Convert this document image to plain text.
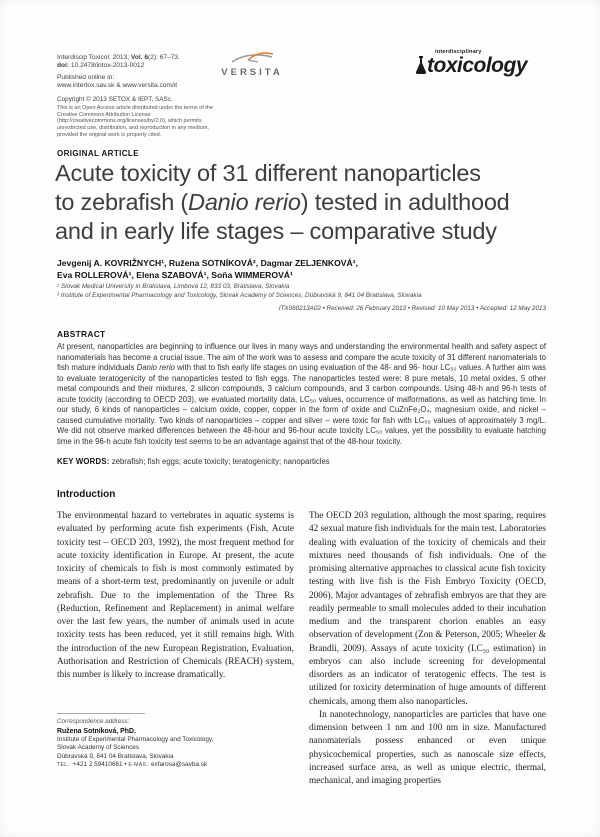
Interdiscip Toxicol. 2013; Vol. 6(2): 67–73.
doi: 10.2478/intox-2013-0012
Published online in:
www.intertox.sav.sk & www.versita.com/it
Copyright © 2013 SETOX & IEPT, SASc.
This is an Open Access article distributed under the terms of the Creative Commons Attribution License (http://creativecommons.org/licenses/by/2.0), which permits unrestricted use, distribution, and reproduction in any medium, provided the original work is properly cited.
VERSITA
interdisciplinary
toxicology
ORIGINAL ARTICLE
Acute toxicity of 31 different nanoparticles
to zebrafish (Danio rerio) tested in adulthood
and in early life stages – comparative study
Jevgenij A. KOVRIŽNYCH¹, Ružena SOTNÍKOVÁ², Dagmar ZELJENKOVÁ¹,
Eva ROLLEROVÁ¹, Elena SZABOVÁ¹, Soňa WIMMEROVÁ¹
¹ Slovak Medical University in Bratislava, Limbová 12, 833 03, Bratislava, Slovakia
² Institute of Experimental Pharmacology and Toxicology, Slovak Academy of Sciences, Dúbravská 9, 841 04 Bratislava, Slovakia
ITX060213A02 • Received: 26 February 2013 • Revised: 10 May 2013 • Accepted: 12 May 2013
ABSTRACT
At present, nanoparticles are beginning to influence our lives in many ways and understanding the environmental health and safety aspect of nanomaterials has become a crucial issue. The aim of the work was to assess and compare the acute toxicity of 31 different nanomaterials to fish mature individuals Danio rerio with that to fish early life stages on using evaluation of the 48- and 96- hour LC₅₀ values. A further aim was to evaluate teratogenicity of the nanoparticles tested to fish eggs. The nanoparticles tested were: 8 pure metals, 10 metal oxides, 5 other metal compounds and their mixtures, 2 silicon compounds, 3 calcium compounds, and 3 carbon compounds. Using 48-h and 96-h tests of acute toxicity (according to OECD 203), we evaluated mortality data, LC₅₀ values, occurrence of malformations, as well as hatching time. In our study, 6 kinds of nanoparticles – calcium oxide, copper, copper in the form of oxide and CuZnFe₂O₄, magnesium oxide, and nickel – caused cumulative mortality. Two kinds of nanoparticles – copper and silver – were toxic for fish with LC₅₀ values of approximately 3 mg/L. We did not observe marked differences between the 48-hour and 96-hour acute toxicity LC₅₀ values, yet the possibility to evaluate hatching time in the 96-h acute fish toxicity test seems to be an advantage against that of the 48-hour toxicity.
KEY WORDS: zebrafish; fish eggs; acute toxicity; teratogenicity; nanoparticles
Introduction

The environmental hazard to vertebrates in aquatic systems is evaluated by performing acute fish experiments (Fish, Acute toxicity test – OECD 203, 1992), the most frequent method for acute toxicity identification in Europe. At present, the acute toxicity of chemicals to fish is most commonly estimated by means of a short-term test, predominantly on juvenile or adult zebrafish. Due to the implementation of the Three Rs (Reduction, Refinement and Replacement) in animal welfare over the last few years, the number of animals used in acute toxicity tests has been reduced, yet it still remains high. With the introduction of the new European Registration, Evaluation, Authorisation and Restriction of Chemicals (REACH) system, this number is likely to increase dramatically.

The OECD 203 regulation, although the most sparing, requires 42 sexual mature fish individuals for the main test. Laboratories dealing with evaluation of the toxicity of chemicals and their mixtures need thousands of fish individuals. One of the promising alternative approaches to classical acute fish toxicity testing with live fish is the Fish Embryo Toxicity (OECD, 2006). Major advantages of zebrafish embryos are that they are readily permeable to small molecules added to their incubation medium and the transparent chorion enables an easy observation of development (Zon & Peterson, 2005; Wheeler & Brandli, 2009). Assays of acute toxicity (LC₅₀ estimation) in embryos can also include screening for developmental disorders as an indicator of teratogenic effects. The test is utilized for toxicity determination of huge amounts of different chemicals, among them also nanoparticles.

In nanotechnology, nanoparticles are particles that have one dimension between 1 nm and 100 nm in size. Manufactured nanomaterials possess enhanced or even unique physicochemical properties, such as nanoscale size effects, increased surface area, as well as unique electric, thermal, mechanical, and imaging properties

Correspondence address:
Ružena Sotníková, PhD.
Institute of Experimental Pharmacology and Toxicology,
Slovak Academy of Sciences
Dúbravská 9, 841 04 Bratislava, Slovakia
TEL.: +421 2 59410661 • E-MAIL: exfarosa@savba.sk
